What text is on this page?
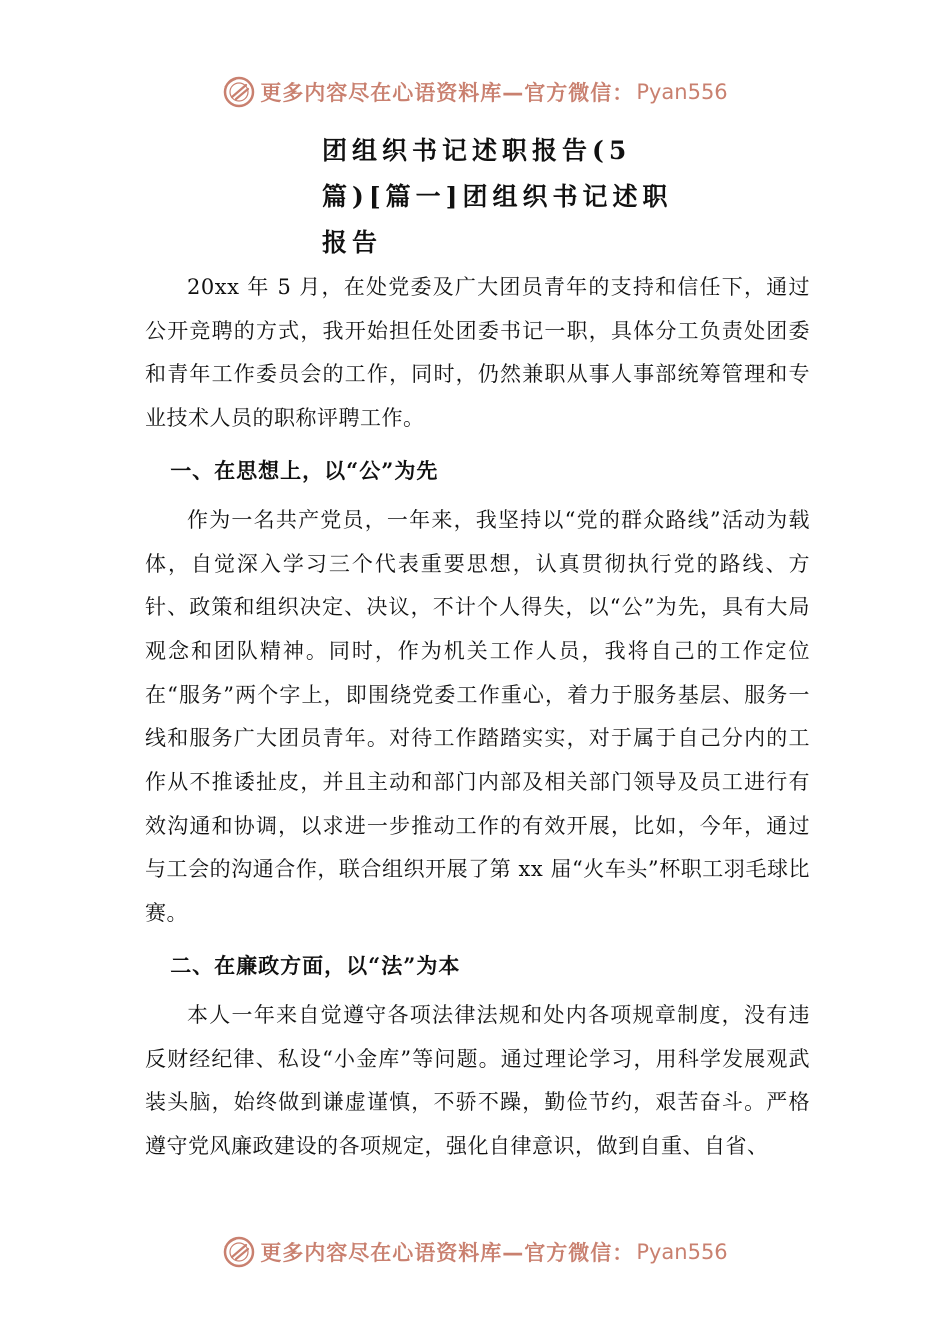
更多内容尽在心语资料库—官方微信： Pyan556
团组织书记述职报告(5
篇)[篇一]团组织书记述职
报告

20xx 年 5 月，在处党委及广大团员青年的支持和信任下，通过公开竞聘的方式，我开始担任处团委书记一职，具体分工负责处团委和青年工作委员会的工作，同时，仍然兼职从事人事部统筹管理和专业技术人员的职称评聘工作。

一、在思想上，以“公”为先

作为一名共产党员，一年来，我坚持以“党的群众路线”活动为载体，自觉深入学习三个代表重要思想，认真贯彻执行党的路线、方针、政策和组织决定、决议，不计个人得失，以“公”为先，具有大局观念和团队精神。同时，作为机关工作人员，我将自己的工作定位在“服务”两个字上，即围绕党委工作重心，着力于服务基层、服务一线和服务广大团员青年。对待工作踏踏实实，对于属于自己分内的工作从不推诿扯皮，并且主动和部门内部及相关部门领导及员工进行有效沟通和协调，以求进一步推动工作的有效开展，比如，今年，通过与工会的沟通合作，联合组织开展了第 xx 届“火车头”杯职工羽毛球比赛。

二、在廉政方面，以“法”为本

本人一年来自觉遵守各项法律法规和处内各项规章制度，没有违反财经纪律、私设“小金库”等问题。通过理论学习，用科学发展观武装头脑，始终做到谦虚谨慎，不骄不躁，勤俭节约，艰苦奋斗。严格遵守党风廉政建设的各项规定，强化自律意识，做到自重、自省、

更多内容尽在心语资料库—官方微信： Pyan556
